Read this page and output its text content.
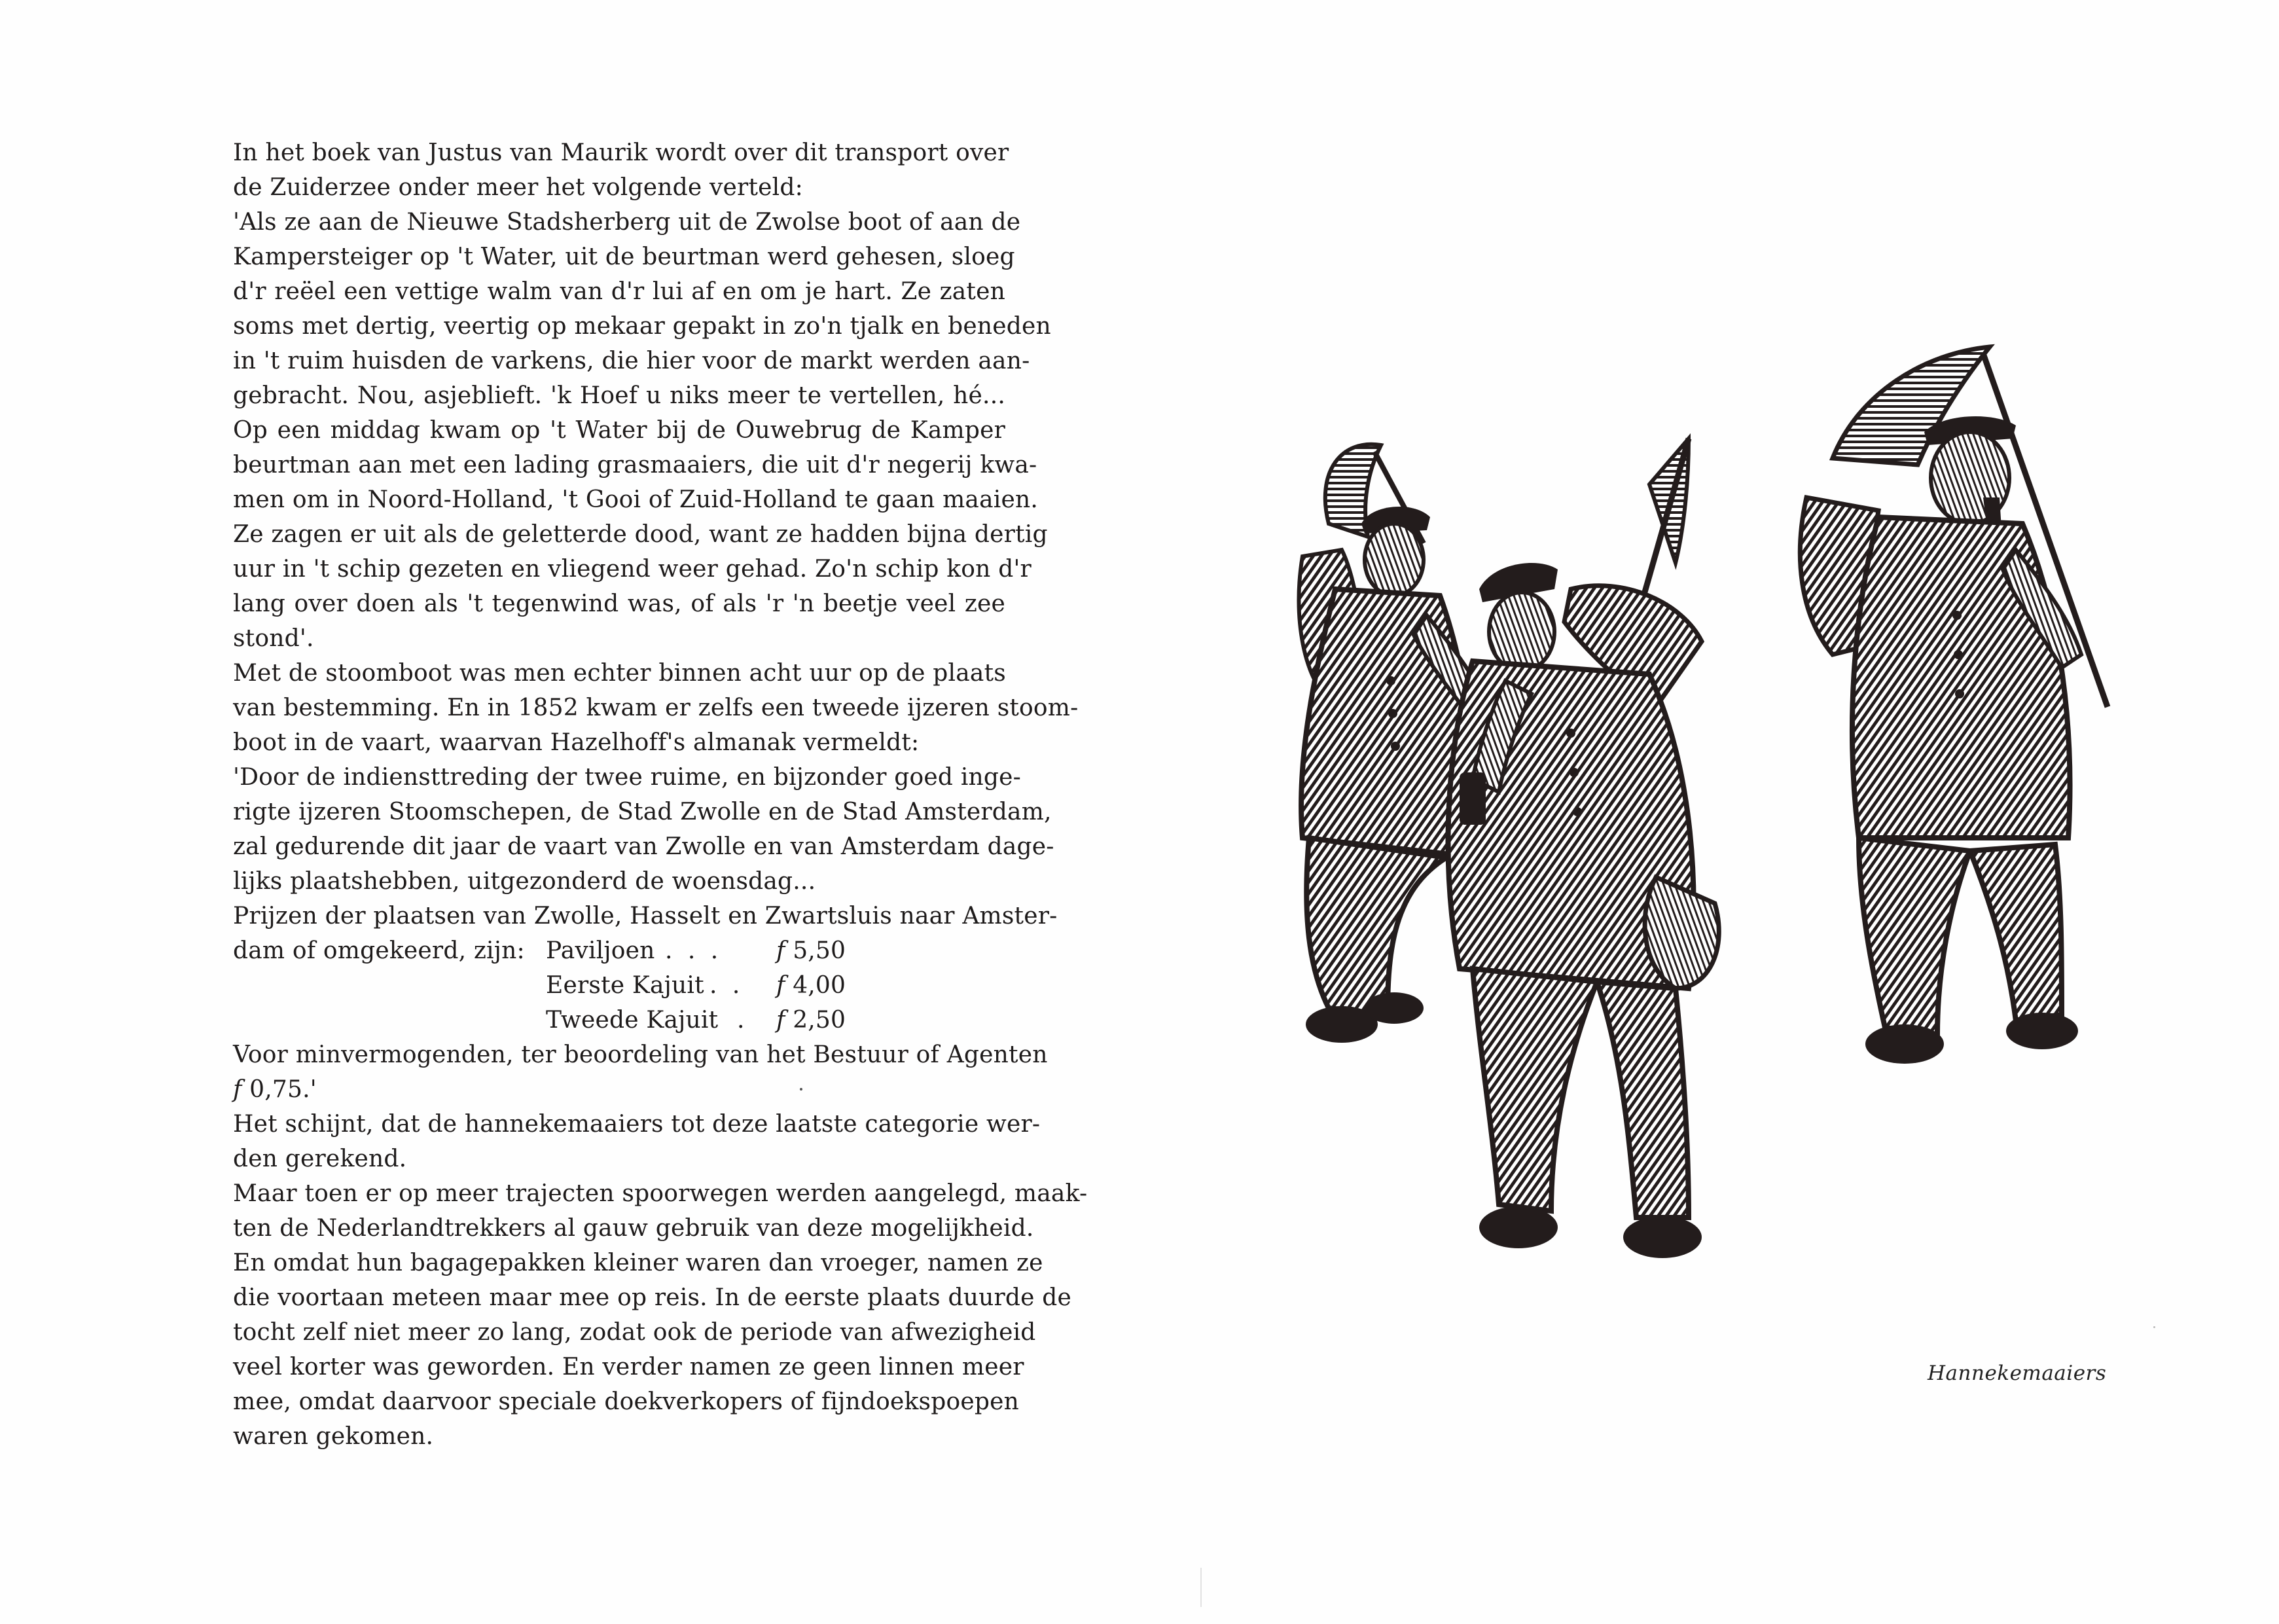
In het boek van Justus van Maurik wordt over dit transport over
de Zuiderzee onder meer het volgende verteld:
'Als ze aan de Nieuwe Stadsherberg uit de Zwolse boot of aan de
Kampersteiger op 't Water, uit de beurtman werd gehesen, sloeg
d'r reëel een vettige walm van d'r lui af en om je hart. Ze zaten
soms met dertig, veertig op mekaar gepakt in zo'n tjalk en beneden
in 't ruim huisden de varkens, die hier voor de markt werden aan-
gebracht. Nou, asjeblieft. 'k Hoef u niks meer te vertellen, hé...
Op een middag kwam op 't Water bij de Ouwebrug de Kamper
beurtman aan met een lading grasmaaiers, die uit d'r negerij kwa-
men om in Noord-Holland, 't Gooi of Zuid-Holland te gaan maaien.
Ze zagen er uit als de geletterde dood, want ze hadden bijna dertig
uur in 't schip gezeten en vliegend weer gehad. Zo'n schip kon d'r
lang over doen als 't tegenwind was, of als 'r 'n beetje veel zee
stond'.
Met de stoomboot was men echter binnen acht uur op de plaats
van bestemming. En in 1852 kwam er zelfs een tweede ijzeren stoom-
boot in de vaart, waarvan Hazelhoff's almanak vermeldt:
'Door de indiensttreding der twee ruime, en bijzonder goed inge-
rigte ijzeren Stoomschepen, de Stad Zwolle en de Stad Amsterdam,
zal gedurende dit jaar de vaart van Zwolle en van Amsterdam dage-
lijks plaatshebben, uitgezonderd de woensdag...
Prijzen der plaatsen van Zwolle, Hasselt en Zwartsluis naar Amster-
dam of omgekeerd, zijn: Paviljoen . . . f 5,50
Eerste Kajuit . . f 4,00
Tweede Kajuit . f 2,50
Voor minvermogenden, ter beoordeling van het Bestuur of Agenten
f 0,75.'
Het schijnt, dat de hannekemaaiers tot deze laatste categorie wer-
den gerekend.
Maar toen er op meer trajecten spoorwegen werden aangelegd, maak-
ten de Nederlandtrekkers al gauw gebruik van deze mogelijkheid.
En omdat hun bagagepakken kleiner waren dan vroeger, namen ze
die voortaan meteen maar mee op reis. In de eerste plaats duurde de
tocht zelf niet meer zo lang, zodat ook de periode van afwezigheid
veel korter was geworden. En verder namen ze geen linnen meer
mee, omdat daarvoor speciale doekverkopers of fijndoekspoepen
waren gekomen.
Hannekemaaiers
